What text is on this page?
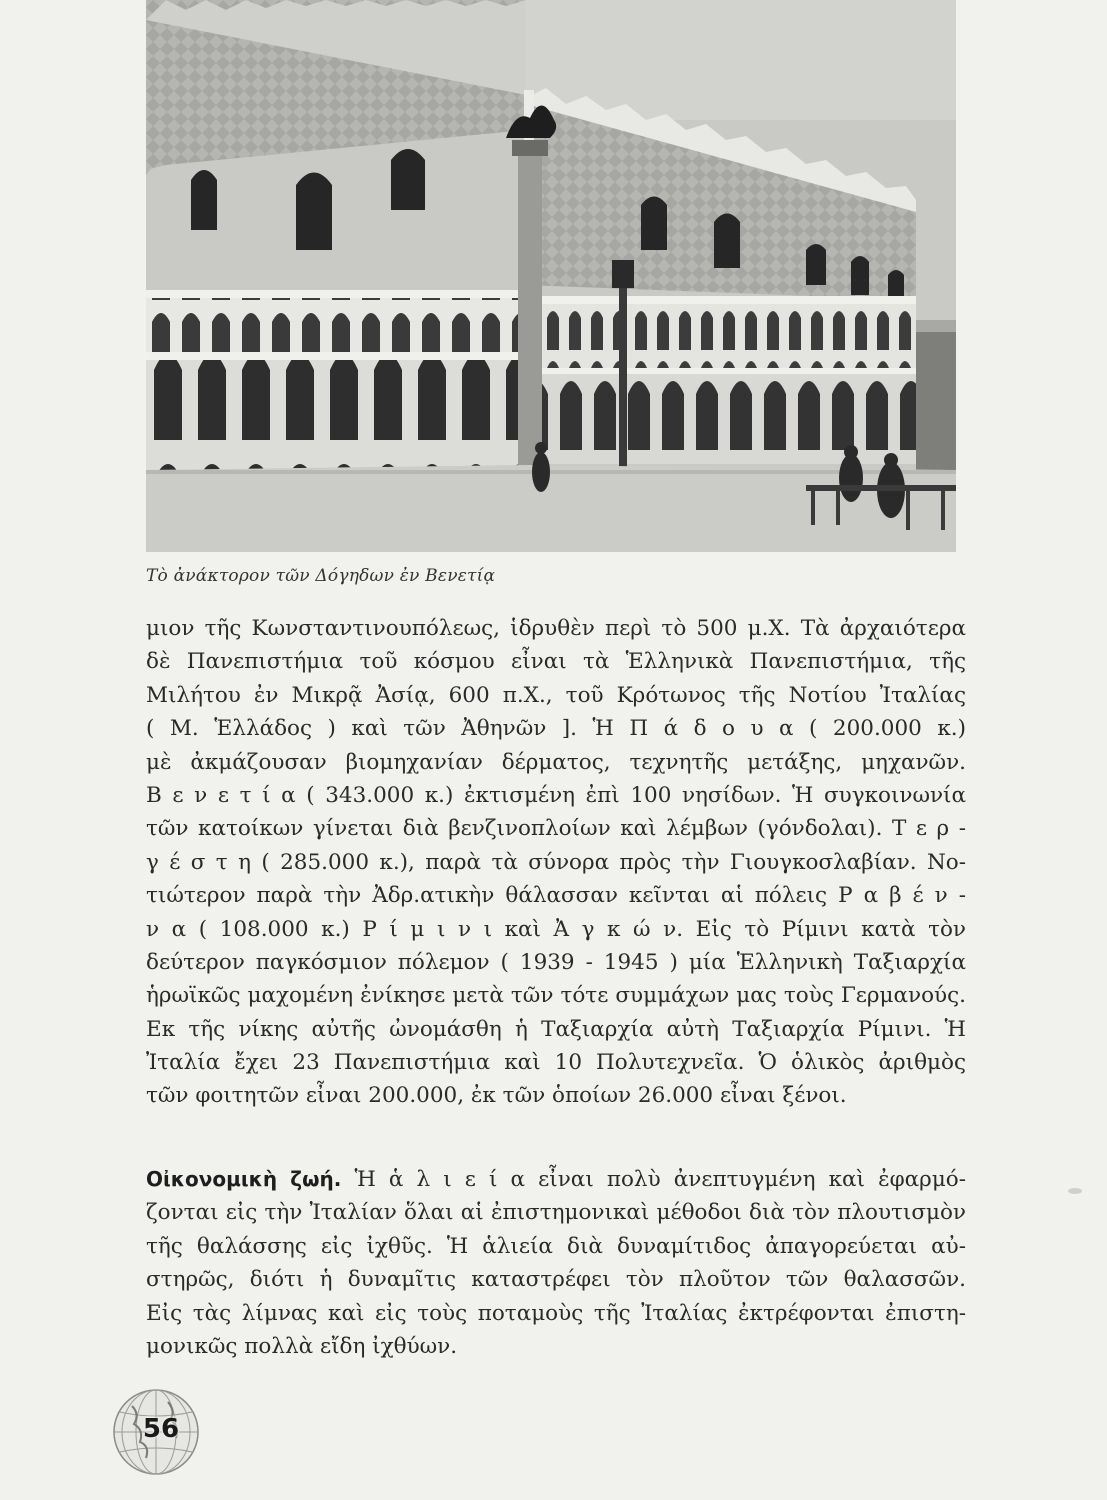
Τὸ ἀνάκτορον τῶν Δόγηδων ἐν Βενετίᾳ
μιον τῆς Κωνσταντινουπόλεως, ἱδρυθὲν περὶ τὸ 500 μ.Χ. Τὰ ἀρχαιότερα
δὲ Πανεπιστήμια τοῦ κόσμου εἶναι τὰ Ἑλληνικὰ Πανεπιστήμια, τῆς
Μιλήτου ἐν Μικρᾷ Ἀσίᾳ, 600 π.Χ., τοῦ Κρότωνος τῆς Νοτίου Ἰταλίας
( Μ. Ἑλλάδος ) καὶ τῶν Ἀθηνῶν ]. Ἡ Π ά δ ο υ α ( 200.000 κ.)
μὲ ἀκμάζουσαν βιομηχανίαν δέρματος, τεχνητῆς μετάξης, μηχανῶν.
Β ε ν ε τ ί α ( 343.000 κ.) ἐκτισμένη ἐπὶ 100 νησίδων. Ἡ συγκοινωνία
τῶν κατοίκων γίνεται διὰ βενζινοπλοίων καὶ λέμβων (γόνδολαι). Τ ε ρ -
γ έ σ τ η ( 285.000 κ.), παρὰ τὰ σύνορα πρὸς τὴν Γιουγκοσλαβίαν. Νο-
τιώτερον παρὰ τὴν Ἀδρ.ατικὴν θάλασσαν κεῖνται αἱ πόλεις Ρ α β έ ν -
ν α ( 108.000 κ.) Ρ ί μ ι ν ι καὶ Ἀ γ κ ώ ν. Εἰς τὸ Ρίμινι κατὰ τὸν
δεύτερον παγκόσμιον πόλεμον ( 1939 - 1945 ) μία Ἑλληνικὴ Ταξιαρχία
ἡρωϊκῶς μαχομένη ἐνίκησε μετὰ τῶν τότε συμμάχων μας τοὺς Γερμανούς.
Εκ τῆς νίκης αὐτῆς ὠνομάσθη ἡ Ταξιαρχία αὐτὴ Ταξιαρχία Ρίμινι. Ἡ
Ἰταλία ἔχει 23 Πανεπιστήμια καὶ 10 Πολυτεχνεῖα. Ὁ ὁλικὸς ἀριθμὸς
τῶν φοιτητῶν εἶναι 200.000, ἐκ τῶν ὁποίων 26.000 εἶναι ξένοι.
Οἰκονομικὴ ζωή. Ἡ ἁ λ ι ε ί α εἶναι πολὺ ἀνεπτυγμένη καὶ ἐφαρμό-
ζονται εἰς τὴν Ἰταλίαν ὅλαι αἱ ἐπιστημονικαὶ μέθοδοι διὰ τὸν πλουτισμὸν
τῆς θαλάσσης εἰς ἰχθῦς. Ἡ ἁλιεία διὰ δυναμίτιδος ἀπαγορεύεται αὐ-
στηρῶς, διότι ἡ δυναμῖτις καταστρέφει τὸν πλοῦτον τῶν θαλασσῶν.
Εἰς τὰς λίμνας καὶ εἰς τοὺς ποταμοὺς τῆς Ἰταλίας ἐκτρέφονται ἐπιστη-
μονικῶς πολλὰ εἴδη ἰχθύων.
56
